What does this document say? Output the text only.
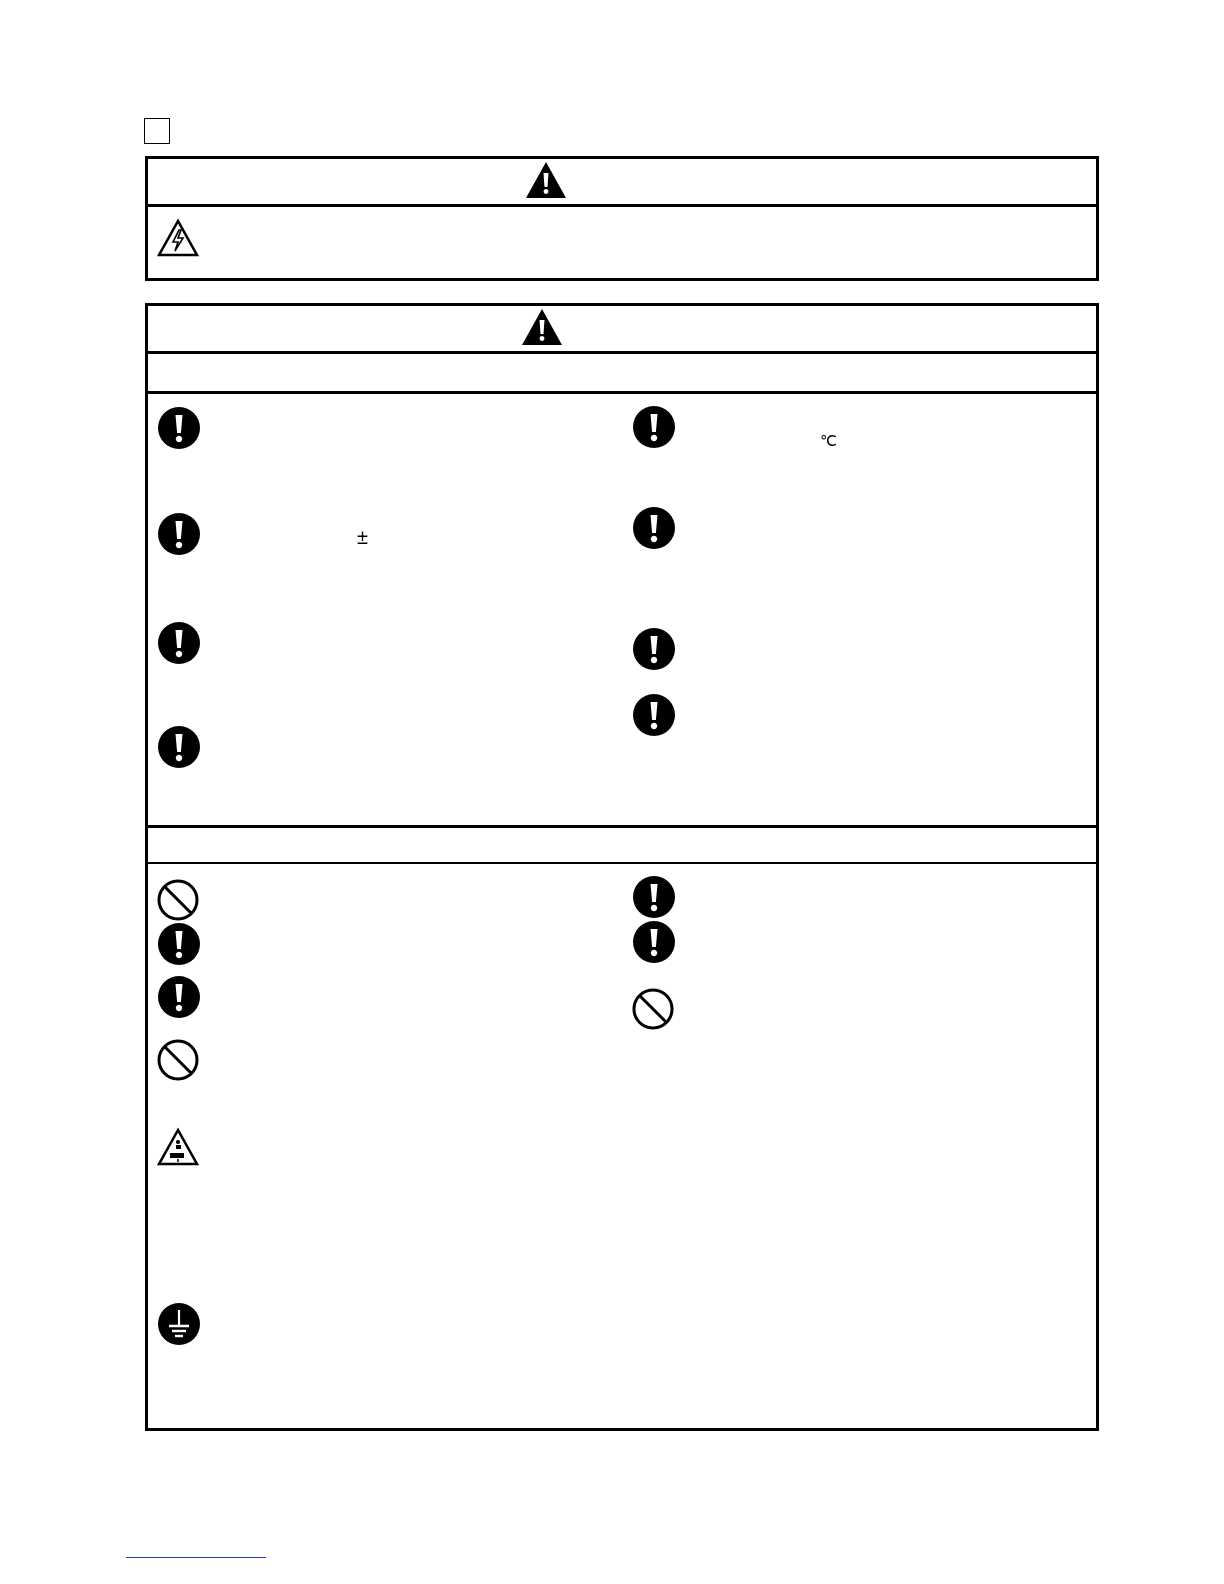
±
℃
